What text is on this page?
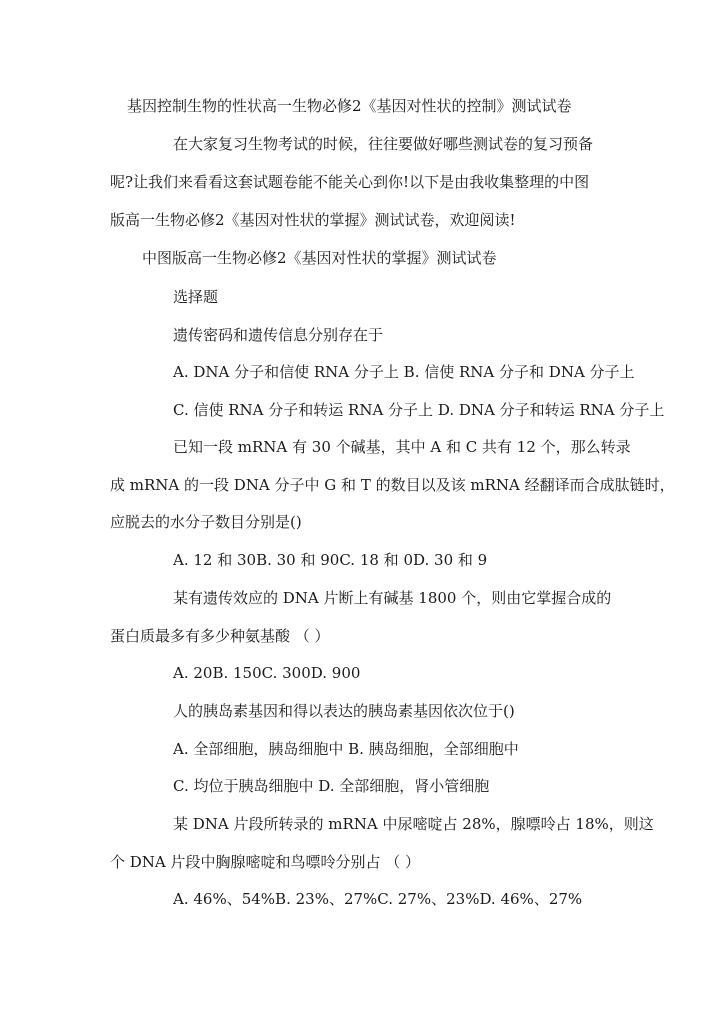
基因控制生物的性状高一生物必修2《基因对性状的控制》测试试卷
在大家复习生物考试的时候，往往要做好哪些测试卷的复习预备
呢?让我们来看看这套试题卷能不能关心到你!以下是由我收集整理的中图
版高一生物必修2《基因对性状的掌握》测试试卷，欢迎阅读!
中图版高一生物必修2《基因对性状的掌握》测试试卷
选择题
遗传密码和遗传信息分别存在于
A. DNA 分子和信使 RNA 分子上 B. 信使 RNA 分子和 DNA 分子上
C. 信使 RNA 分子和转运 RNA 分子上 D. DNA 分子和转运 RNA 分子上
已知一段 mRNA 有 30 个碱基，其中 A 和 C 共有 12 个，那么转录
成 mRNA 的一段 DNA 分子中 G 和 T 的数目以及该 mRNA 经翻译而合成肽链时，
应脱去的水分子数目分别是()
A. 12 和 30B. 30 和 90C. 18 和 0D. 30 和 9
某有遗传效应的 DNA 片断上有碱基 1800 个，则由它掌握合成的
蛋白质最多有多少种氨基酸 （ ）
A. 20B. 150C. 300D. 900
人的胰岛素基因和得以表达的胰岛素基因依次位于()
A. 全部细胞，胰岛细胞中 B. 胰岛细胞，全部细胞中
C. 均位于胰岛细胞中 D. 全部细胞，肾小管细胞
某 DNA 片段所转录的 mRNA 中尿嘧啶占 28%，腺嘌呤占 18%，则这
个 DNA 片段中胸腺嘧啶和鸟嘌呤分别占 （ ）
A. 46%、54%B. 23%、27%C. 27%、23%D. 46%、27%
